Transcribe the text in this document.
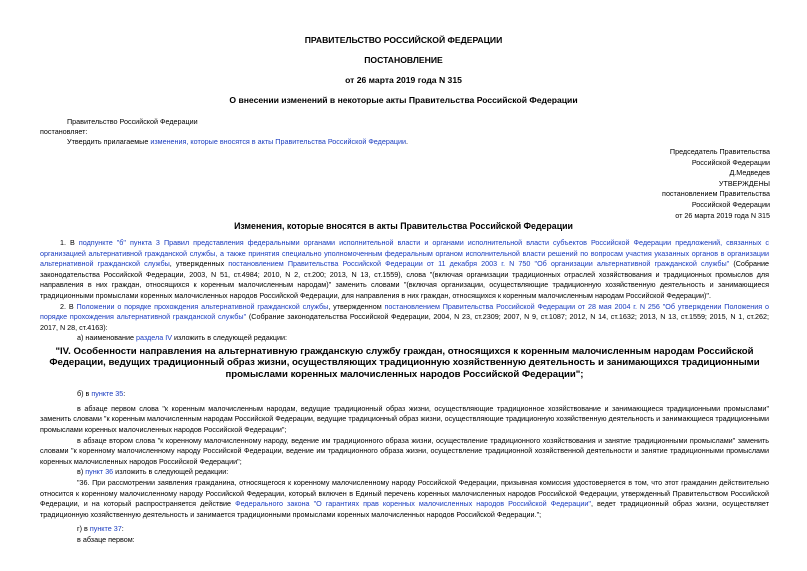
ПРАВИТЕЛЬСТВО РОССИЙСКОЙ ФЕДЕРАЦИИ
ПОСТАНОВЛЕНИЕ
от 26 марта 2019 года N 315
О внесении изменений в некоторые акты Правительства Российской Федерации
Правительство Российской Федерации
постановляет:
Утвердить прилагаемые изменения, которые вносятся в акты Правительства Российской Федерации.
Председатель Правительства
Российской Федерации
Д.Медведев
УТВЕРЖДЕНЫ
постановлением Правительства
Российской Федерации
от 26 марта 2019 года N 315
Изменения, которые вносятся в акты Правительства Российской Федерации
1. В подпункте "б" пункта 3 Правил представления федеральными органами исполнительной власти и органами исполнительной власти субъектов Российской Федерации предложений, связанных с организацией альтернативной гражданской службы, а также принятия специально уполномоченным федеральным органом исполнительной власти решений по вопросам участия указанных органов в организации альтернативной гражданской службы, утвержденных постановлением Правительства Российской Федерации от 11 декабря 2003 г. N 750 "Об организации альтернативной гражданской службы" (Собрание законодательства Российской Федерации, 2003, N 51, ст.4984; 2010, N 2, ст.200; 2013, N 13, ст.1559), слова "(включая организации традиционных отраслей хозяйствования и традиционных промыслов для направления в них граждан, относящихся к коренным малочисленным народам)" заменить словами "(включая организации, осуществляющие традиционную хозяйственную деятельность и занимающиеся традиционными промыслами коренных малочисленных народов Российской Федерации, для направления в них граждан, относящихся к коренным малочисленным народам Российской Федерации)".
2. В Положении о порядке прохождения альтернативной гражданской службы, утвержденном постановлением Правительства Российской Федерации от 28 мая 2004 г. N 256 "Об утверждении Положения о порядке прохождения альтернативной гражданской службы" (Собрание законодательства Российской Федерации, 2004, N 23, ст.2309; 2007, N 9, ст.1087; 2012, N 14, ст.1632; 2013, N 13, ст.1559; 2015, N 1, ст.262; 2017, N 28, ст.4163):
а) наименование раздела IV изложить в следующей редакции:
"IV. Особенности направления на альтернативную гражданскую службу граждан, относящихся к коренным малочисленным народам Российской Федерации, ведущих традиционный образ жизни, осуществляющих традиционную хозяйственную деятельность и занимающихся традиционными промыслами коренных малочисленных народов Российской Федерации";
б) в пункте 35:
в абзаце первом слова "к коренным малочисленным народам, ведущие традиционный образ жизни, осуществляющие традиционное хозяйствование и занимающиеся традиционными промыслами" заменить словами "к коренным малочисленным народам Российской Федерации, ведущие традиционный образ жизни, осуществляющие традиционную хозяйственную деятельность и занимающиеся традиционными промыслами коренных малочисленных народов Российской Федерации";
в абзаце втором слова "к коренному малочисленному народу, ведение им традиционного образа жизни, осуществление традиционного хозяйствования и занятие традиционными промыслами" заменить словами "к коренному малочисленному народу Российской Федерации, ведение им традиционного образа жизни, осуществление традиционной хозяйственной деятельности и занятие традиционными промыслами коренных малочисленных народов Российской Федерации";
в) пункт 36 изложить в следующей редакции:
"36. При рассмотрении заявления гражданина, относящегося к коренному малочисленному народу Российской Федерации, призывная комиссия удостоверяется в том, что этот гражданин действительно относится к коренному малочисленному народу Российской Федерации, который включен в Единый перечень коренных малочисленных народов Российской Федерации, утвержденный Правительством Российской Федерации, и на который распространяется действие Федерального закона "О гарантиях прав коренных малочисленных народов Российской Федерации", ведет традиционный образ жизни, осуществляет традиционную хозяйственную деятельность и занимается традиционными промыслами коренных малочисленных народов Российской Федерации.";
г) в пункте 37:
в абзаце первом:
